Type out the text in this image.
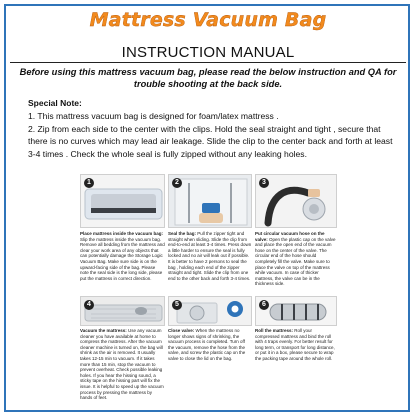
Mattress Vacuum Bag
INSTRUCTION MANUAL
Before using this mattress vacuum bag, please read the below instruction and QA for trouble shooting at the back side.
Special Note:
1. This mattress vacuum bag is designed for foam/latex mattress .
2. Zip from each side to the center with the clips. Hold the seal straight and tight , secure that there is no curves which may lead air leakage. Slide the clip to the center back and forth at least 3-4 times . Check the whole seal is fully zipped without any leaking holes.
1
Place mattress inside the vacuum bag: Slip the mattress inside the vacuum bag. Remove all bedding from the mattress and clear your work area of any objects that can potentially damage the Storage Logic Vacuum Bag. Make sure side is on the upward-facing side of the bag. Please note the seal side is the long side, please put the mattress in correct direction.
2
Seal the bag: Pull the zipper tight and straight when sliding. Slide the clip from end-to-end at least 3-4 times. Press down a little harder to ensure the seal is fully locked and no air will leak out if possible. It is better to have 2 persons to seal the bag , holding each end of the zipper straight and tight. Slide the clip from one end to the other back and forth 3-4 times.
3
Put circular vacuum hose on the valve: Open the plastic cap on the valve and place the open end of the vacuum hose on the center of the valve. The circular end of the hose should completely fill the valve. Make sure to place the valve on top of the mattress while vacuum. In case of thicker mattress, the valve can be in the thickness side.
4
Vacuum the mattress: Use any vacuum cleaner you have available at home to compress the mattress. After the vacuum cleaner machine is turned on, the bag will shrink as the air is removed. It usually takes 12-15 min to vacuum. If it takes more than 15 min, stop the vacuum to prevent overheat. Check possible leaking holes. If you hear the hissing sound, a sticky tape on the hissing part will fix the issue. It is helpful to speed up the vacuum process by pressing the mattress by hands of feet.
5
Close valve: When the mattress no longer shows signs of shrinking, the vacuum process is completed. Turn off the vacuum, remove the hose from the valve, and screw the plastic cap on the valve to close the lid on the bag.
6
Roll the mattress: Roll your compressed mattress and bind the roll with 4 traps evenly. For better result for long term, or transport for long distance, or put it in a box, please secure to wrap the packing tape around the whole roll.
